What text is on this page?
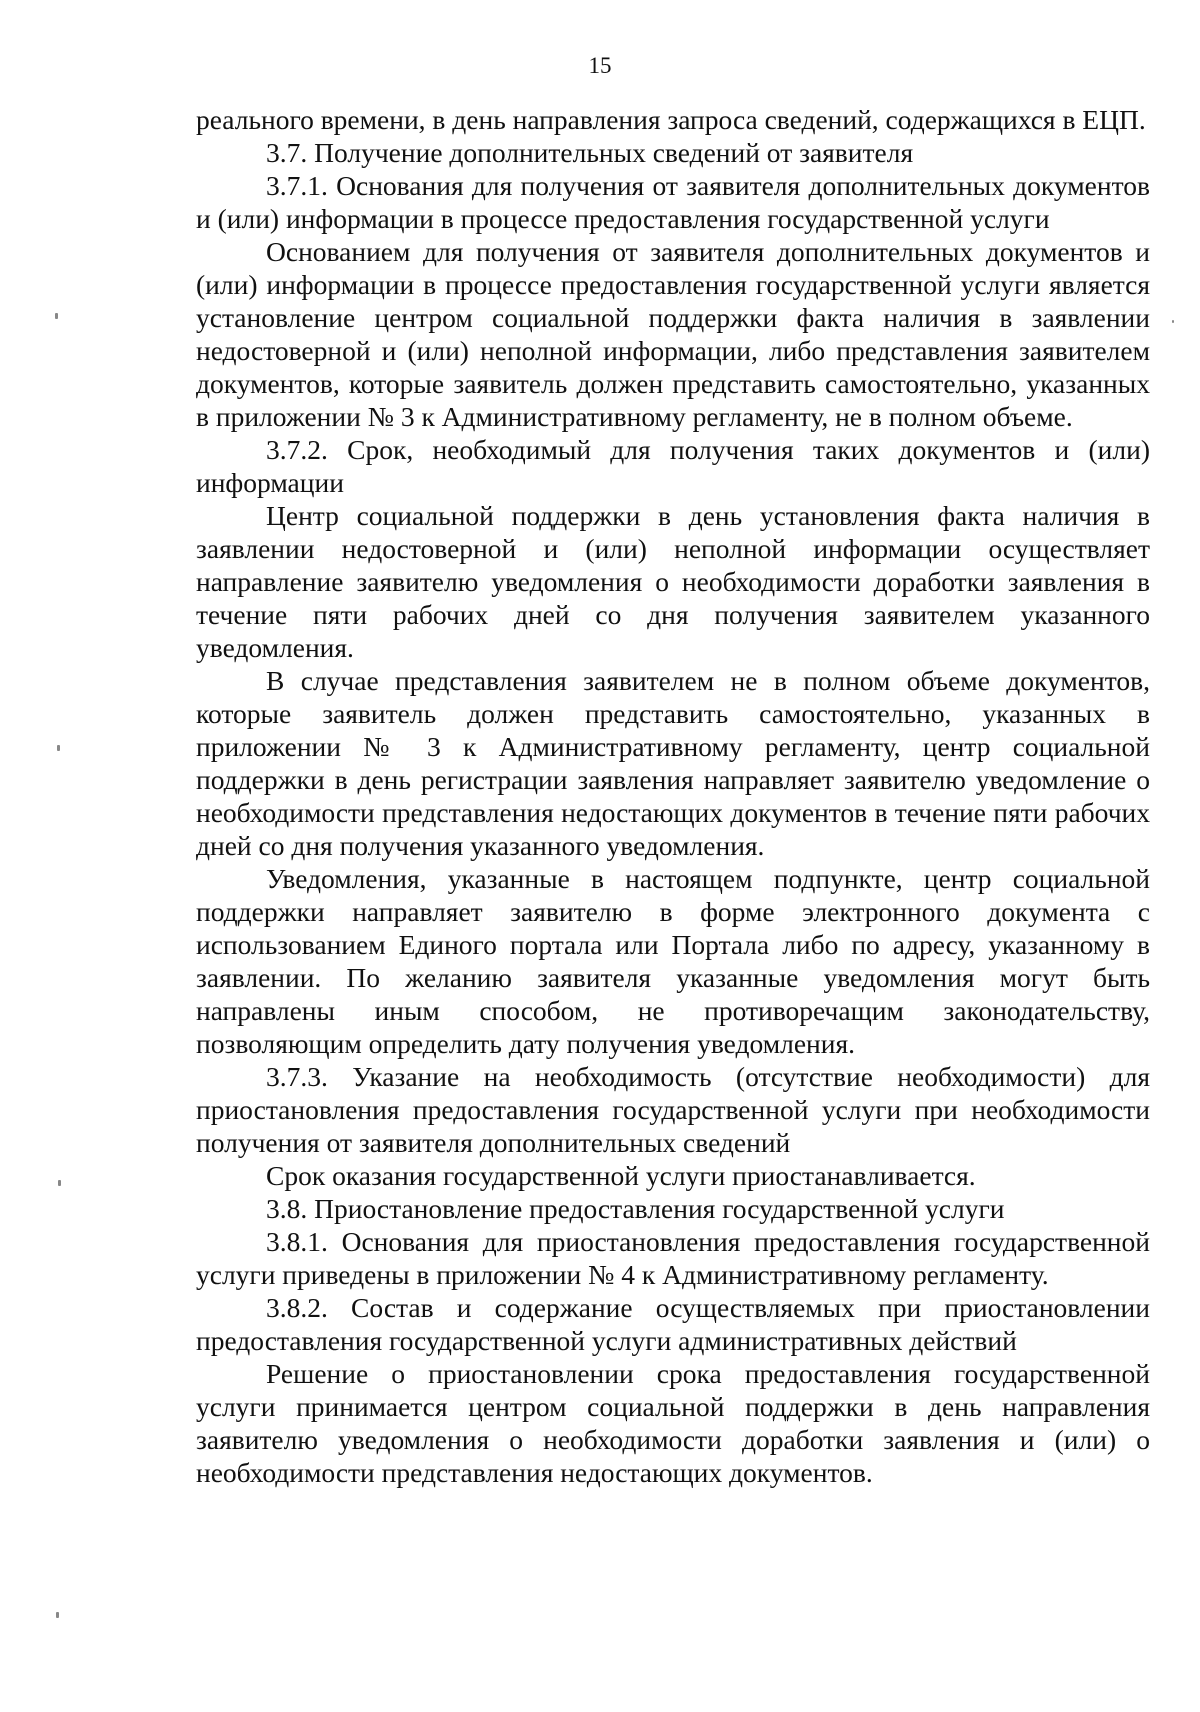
15

реального времени, в день направления запроса сведений, содержащихся в ЕЦП.

3.7. Получение дополнительных сведений от заявителя

3.7.1. Основания для получения от заявителя дополнительных документов и (или) информации в процессе предоставления государственной услуги

Основанием для получения от заявителя дополнительных документов и (или) информации в процессе предоставления государственной услуги является установление центром социальной поддержки факта наличия в заявлении недостоверной и (или) неполной информации, либо представления заявителем документов, которые заявитель должен представить самостоятельно, указанных в приложении № 3 к Административному регламенту, не в полном объеме.

3.7.2. Срок, необходимый для получения таких документов и (или) информации

Центр социальной поддержки в день установления факта наличия в заявлении недостоверной и (или) неполной информации осуществляет направление заявителю уведомления о необходимости доработки заявления в течение пяти рабочих дней со дня получения заявителем указанного уведомления.

В случае представления заявителем не в полном объеме документов, которые заявитель должен представить самостоятельно, указанных в приложении № 3 к Административному регламенту, центр социальной поддержки в день регистрации заявления направляет заявителю уведомление о необходимости представления недостающих документов в течение пяти рабочих дней со дня получения указанного уведомления.

Уведомления, указанные в настоящем подпункте, центр социальной поддержки направляет заявителю в форме электронного документа с использованием Единого портала или Портала либо по адресу, указанному в заявлении. По желанию заявителя указанные уведомления могут быть направлены иным способом, не противоречащим законодательству, позволяющим определить дату получения уведомления.

3.7.3. Указание на необходимость (отсутствие необходимости) для приостановления предоставления государственной услуги при необходимости получения от заявителя дополнительных сведений

Срок оказания государственной услуги приостанавливается.

3.8. Приостановление предоставления государственной услуги

3.8.1. Основания для приостановления предоставления государственной услуги приведены в приложении № 4 к Административному регламенту.

3.8.2. Состав и содержание осуществляемых при приостановлении предоставления государственной услуги административных действий

Решение о приостановлении срока предоставления государственной услуги принимается центром социальной поддержки в день направления заявителю уведомления о необходимости доработки заявления и (или) о необходимости представления недостающих документов.
